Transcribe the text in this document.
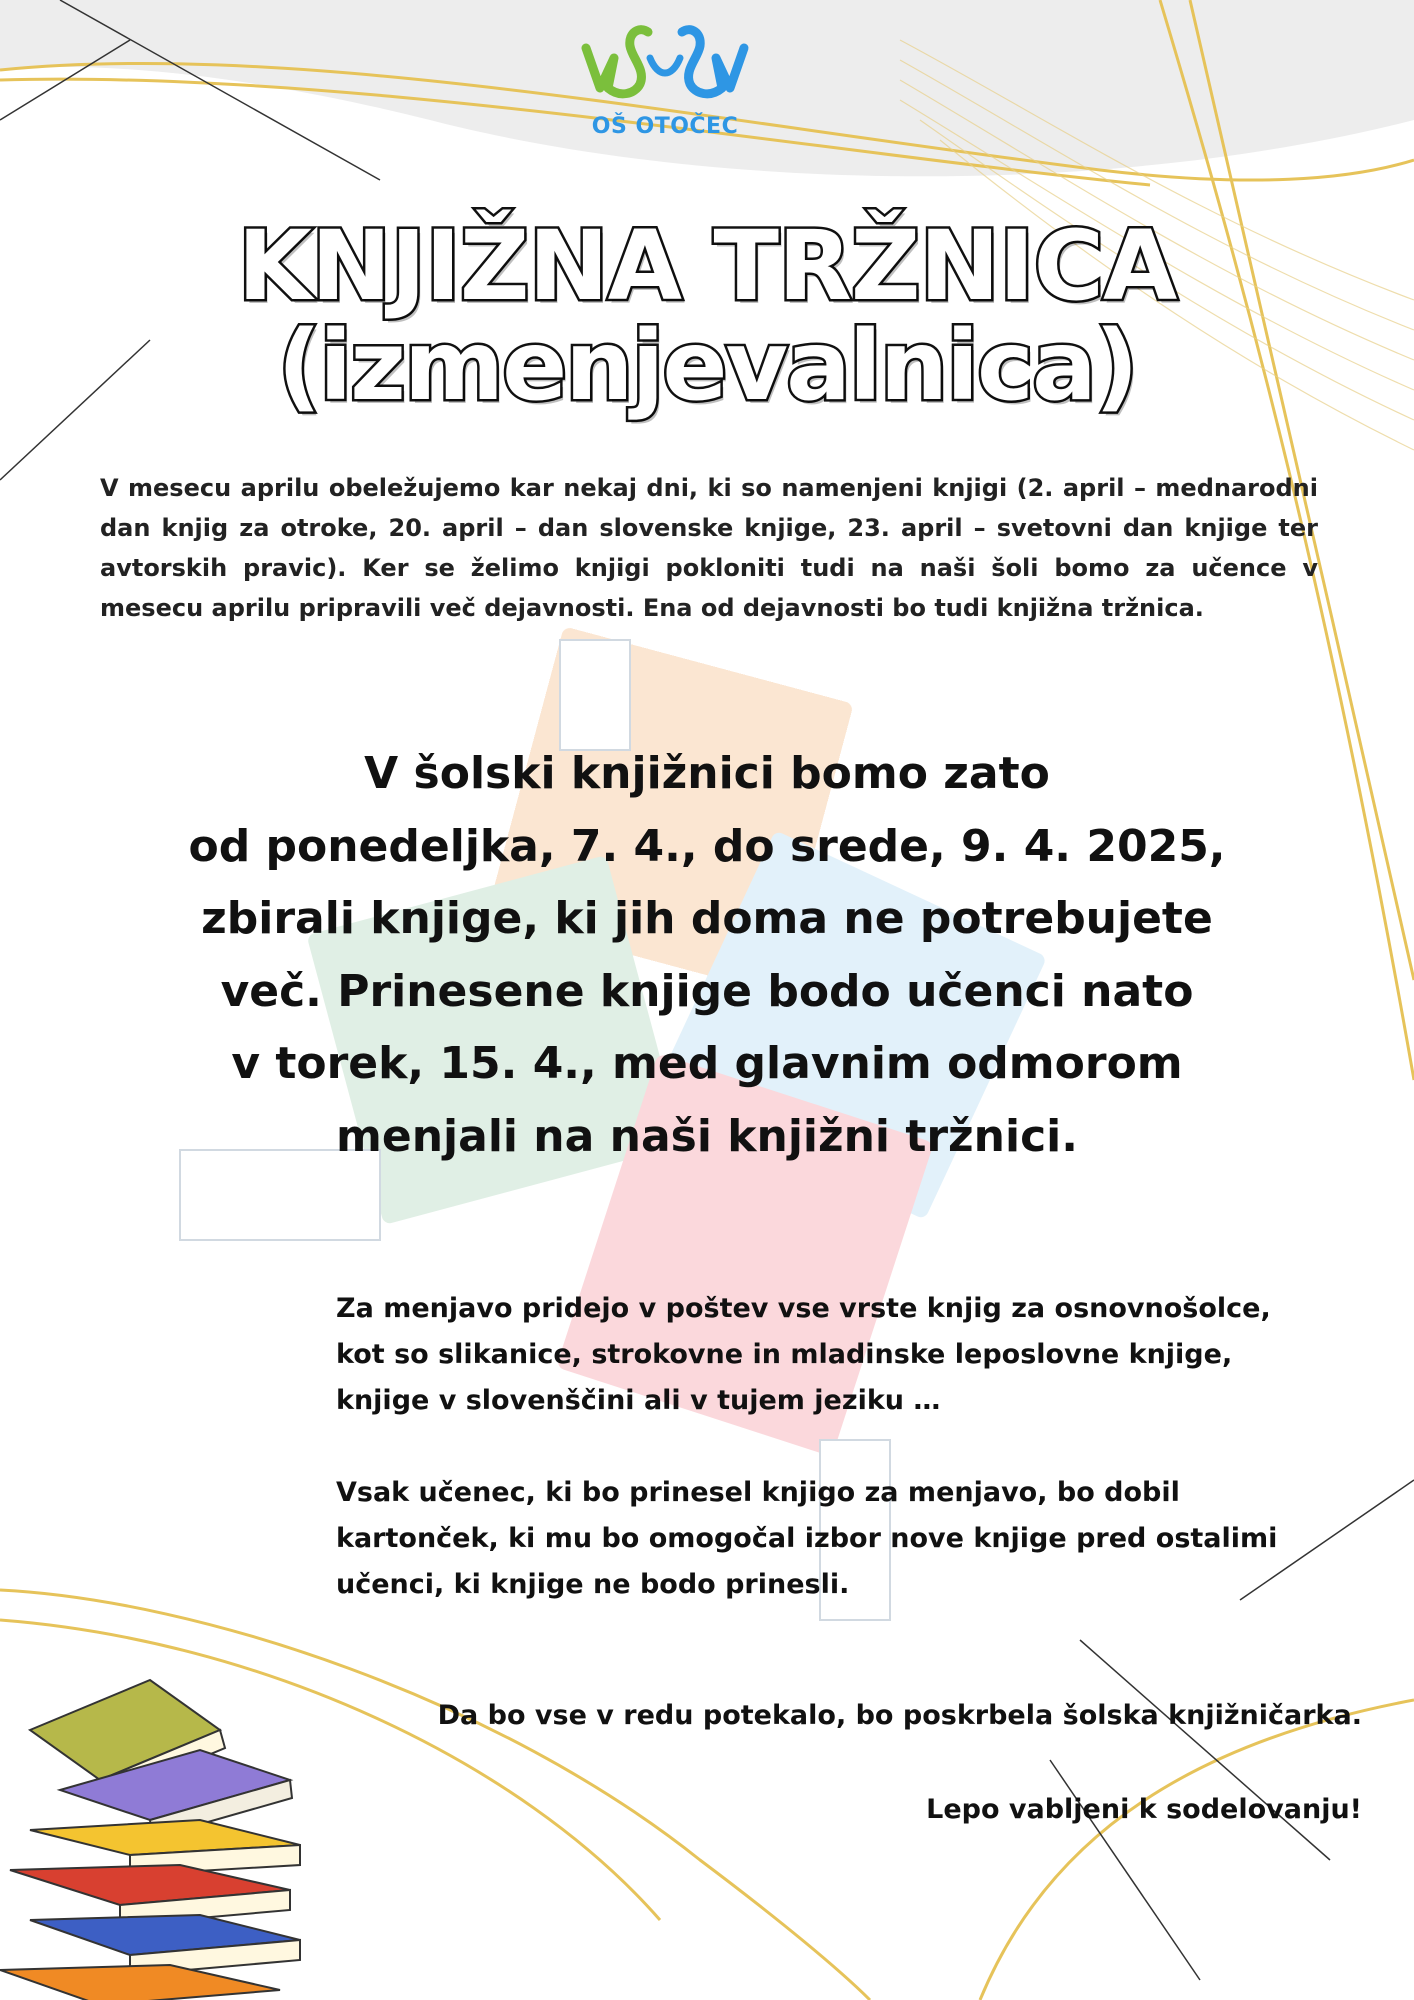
OŠ OTOČEC
KNJIŽNA TRŽNICA
(izmenjevalnica)
V mesecu aprilu obeležujemo kar nekaj dni, ki so namenjeni knjigi (2. april – mednarodni dan knjig za otroke, 20. april – dan slovenske knjige, 23. april – svetovni dan knjige ter avtorskih pravic). Ker se želimo knjigi pokloniti tudi na naši šoli bomo za učence v mesecu aprilu pripravili več dejavnosti. Ena od dejavnosti bo tudi knjižna tržnica.
V šolski knjižnici bomo zato
od ponedeljka, 7. 4., do srede, 9. 4. 2025,
zbirali knjige, ki jih doma ne potrebujete
več. Prinesene knjige bodo učenci nato
v torek, 15. 4., med glavnim odmorom
menjali na naši knjižni tržnici.
Za menjavo pridejo v poštev vse vrste knjig za osnovnošolce,
kot so slikanice, strokovne in mladinske leposlovne knjige,
knjige v slovenščini ali v tujem jeziku …
Vsak učenec, ki bo prinesel knjigo za menjavo, bo dobil
kartonček, ki mu bo omogočal izbor nove knjige pred ostalimi
učenci, ki knjige ne bodo prinesli.
Da bo vse v redu potekalo, bo poskrbela šolska knjižničarka.
Lepo vabljeni k sodelovanju!
